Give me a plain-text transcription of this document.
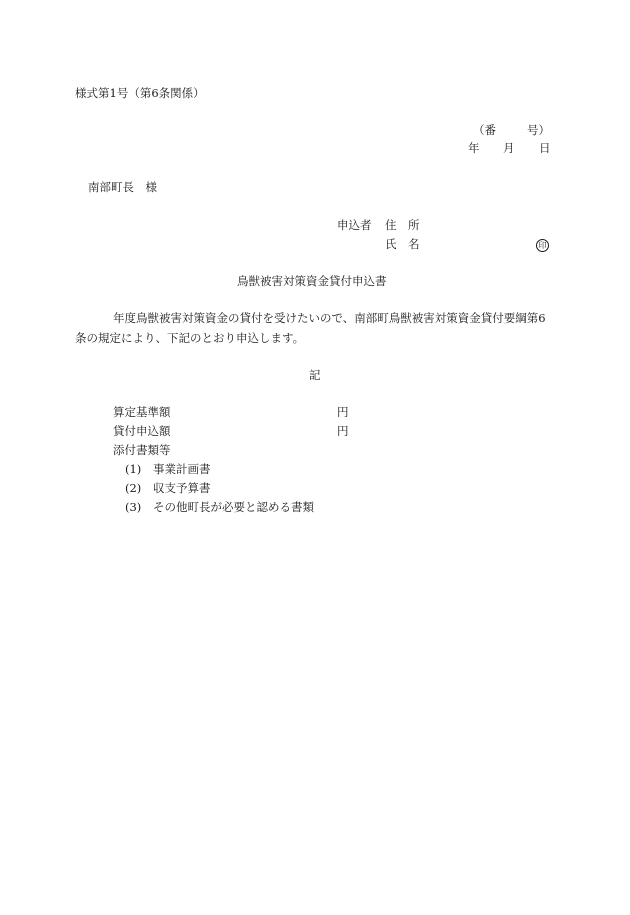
様式第1号（第6条関係）
（番	号）
年 月 日
南部町長　様
申込者 住　所
氏　名	印
鳥獣被害対策資金貸付申込書
年度鳥獣被害対策資金の貸付を受けたいので、南部町鳥獣被害対策資金貸付要綱第6条の規定により、下記のとおり申込します。
記
算定基準額	円
貸付申込額	円
添付書類等
(1) 事業計画書
(2) 収支予算書
(3) その他町長が必要と認める書類
